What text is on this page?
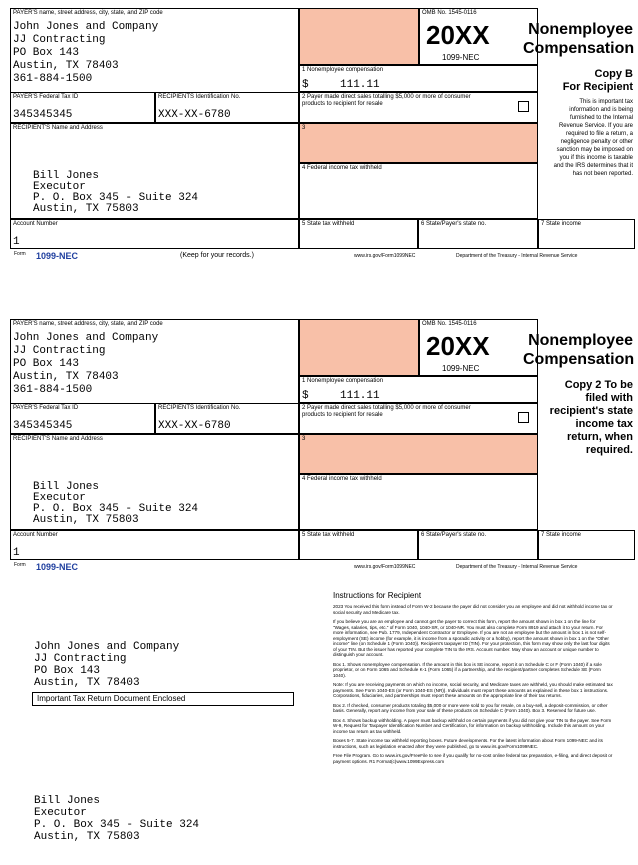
PAYER'S name, street address, city, state, and ZIP code
John Jones and Company
JJ Contracting
PO Box 143
Austin, TX 78403
361-884-1500
OMB No. 1545-0116
20XX
1099-NEC
Nonemployee
Compensation
1 Nonemployee compensation
$	111.11
PAYER'S Federal Tax ID
345345345
RECIPIENTS Identification No.
XXX-XX-6780
2 Payer made direct sales totalling $5,000 or more of consumer products to recipient for resale
RECIPIENT'S Name and Address
Bill Jones
Executor
P. O. Box 345 - Suite 324
Austin, TX 75803
3
4 Federal income tax withheld
Copy B
For Recipient
This is important tax information and is being furnished to the Internal Revenue Service. If you are required to file a return, a negligence penalty or other sanction may be imposed on you if this income is taxable and the IRS determines that it has not been reported.
Account Number
1
5 State tax withheld	6 State/Payer's state no.	7 State income
Form 1099-NEC	(Keep for your records.)	www.irs.gov/Form1099NEC	Department of the Treasury - Internal Revenue Service
PAYER'S name, street address, city, state, and ZIP code
John Jones and Company
JJ Contracting
PO Box 143
Austin, TX 78403
361-884-1500
OMB No. 1545-0116
20XX
1099-NEC
Nonemployee
Compensation
1 Nonemployee compensation
$	111.11
PAYER'S Federal Tax ID
345345345
RECIPIENTS Identification No.
XXX-XX-6780
2 Payer made direct sales totalling $5,000 or more of consumer products to recipient for resale
RECIPIENT'S Name and Address
Bill Jones
Executor
P. O. Box 345 - Suite 324
Austin, TX 75803
3
4 Federal income tax withheld
Copy 2 To be filed with recipient's state income tax return, when required.
Account Number
1
5 State tax withheld	6 State/Payer's state no.	7 State income
Form 1099-NEC	www.irs.gov/Form1099NEC	Department of the Treasury - Internal Revenue Service
John Jones and Company
JJ Contracting
PO Box 143
Austin, TX 78403
Important Tax Return Document Enclosed
Bill Jones
Executor
P. O. Box 345 - Suite 324
Austin, TX 75803
Instructions for Recipient

2023 You received this form instead of Form W-2 because the payer did not consider you an employee and did not withhold income tax or social security and Medicare tax.

If you believe you are an employee and cannot get the payer to correct this form, report the amount shown in box 1 on the line for "Wages, salaries, tips, etc." of Form 1040, 1040-SR, or 1040-NR. You must also complete Form 8919 and attach it to your return. For more information, see Pub. 1779, Independent Contractor or Employee. If you are not an employee but the amount in box 1 is not self-employment (SE) income (for example, it is income from a sporadic activity or a hobby), report the amount shown in box 1 on the "Other income" line (on Schedule 1 (Form 1040)). Recipient's taxpayer ID (TIN). For your protection, this form may show only the last four digits of your TIN. But the issuer has reported your complete TIN to the IRS. Account number. May show an account or unique number to distinguish your account.

Box 1. Shows nonemployee compensation. If the amount in this box is SE income, report it on Schedule C or F (Form 1040) if a sole proprietor, or on Form 1065 and Schedule K-1 (Form 1065) if a partnership, and the recipient/partner completes Schedule SE (Form 1040).

Note: If you are receiving payments on which no income, social security, and Medicare taxes are withheld, you should make estimated tax payments. See Form 1040-ES (or Form 1040-ES (NR)). Individuals must report these amounts as explained in these box 1 instructions. Corporations, fiduciaries, and partnerships must report these amounts on the appropriate line of their tax returns.

Box 2. If checked, consumer products totaling $5,000 or more were sold to you for resale, on a buy-sell, a deposit-commission, or other basis. Generally, report any income from your sale of these products on Schedule C (Form 1040). Box 3. Reserved for future use.

Box 4. Shows backup withholding. A payer must backup withhold on certain payments if you did not give your TIN to the payer. See Form W-9, Request for Taxpayer Identification Number and Certification, for information on backup withholding. Include this amount on your income tax return as tax withheld.

Boxes 5-7. State income tax withheld reporting boxes. Future developments. For the latest information about Form 1099-NEC and its instructions, such as legislation enacted after they were published, go to www.irs.gov/Form1099NEC.

Free File Program. Go to www.irs.gov/FreeFile to see if you qualify for no-cost online federal tax preparation, e-filing, and direct deposit or payment options. R1 Format(c)www.1099Express.com
